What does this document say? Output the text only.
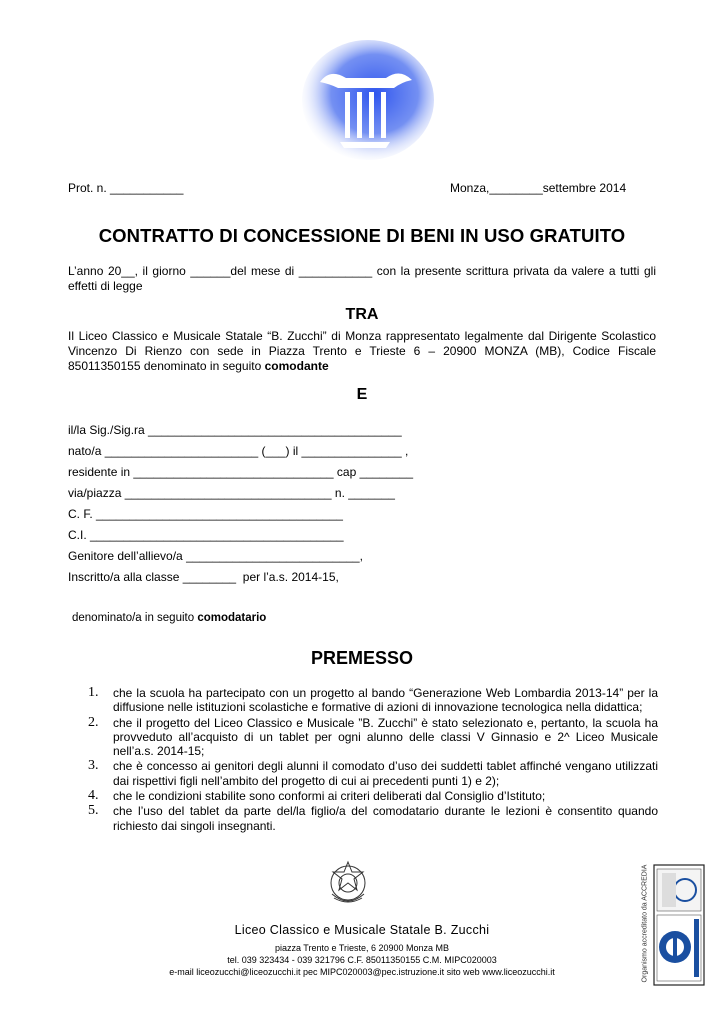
Prot. n. ___________	Monza,________settembre 2014
CONTRATTO DI CONCESSIONE DI BENI IN USO GRATUITO
L’anno 20__, il giorno ______del mese di ___________ con la presente scrittura privata da valere a tutti gli effetti di legge
TRA
Il Liceo Classico e Musicale Statale “B. Zucchi” di Monza rappresentato legalmente dal Dirigente Scolastico Vincenzo Di Rienzo con sede in Piazza Trento e Trieste 6 – 20900 MONZA (MB), Codice Fiscale 85011350155 denominato in seguito comodante
E
il/la Sig./Sig.ra ______________________________________
nato/a _______________________ (___) il _______________ ,
residente in ______________________________ cap ________
via/piazza _______________________________ n. _______
C. F. _____________________________________
C.I. ______________________________________
Genitore dell’allievo/a __________________________,
Inscritto/a alla classe ________  per l’a.s. 2014-15,
denominato/a in seguito comodatario
PREMESSO
1.	che la scuola ha partecipato con un progetto al bando “Generazione Web Lombardia 2013-14” per la diffusione nelle istituzioni scolastiche e formative di azioni di innovazione tecnologica nella didattica;
2.	che il progetto del Liceo Classico e Musicale ”B. Zucchi” è stato selezionato e, pertanto, la scuola ha provveduto all’acquisto di un tablet per ogni alunno delle classi V Ginnasio e 2^ Liceo Musicale nell’a.s. 2014-15;
3.	che è concesso ai genitori degli alunni il comodato d’uso dei suddetti tablet affinché vengano utilizzati dai rispettivi figli nell’ambito del progetto di cui ai precedenti punti 1) e 2);
4.	che le condizioni stabilite sono conformi ai criteri deliberati dal Consiglio d’Istituto;
5.	che l’uso del tablet da parte del/la figlio/a del comodatario durante le lezioni è consentito quando richiesto dai singoli insegnanti.
Liceo Classico e Musicale Statale B. Zucchi
piazza Trento e Trieste, 6 20900 Monza MB
tel. 039 323434 - 039 321796 C.F. 85011350155 C.M. MIPC020003
e-mail liceozucchi@liceozucchi.it pec MIPC020003@pec.istruzione.it sito web www.liceozucchi.it	Organismo accreditato da ACCREDIA
